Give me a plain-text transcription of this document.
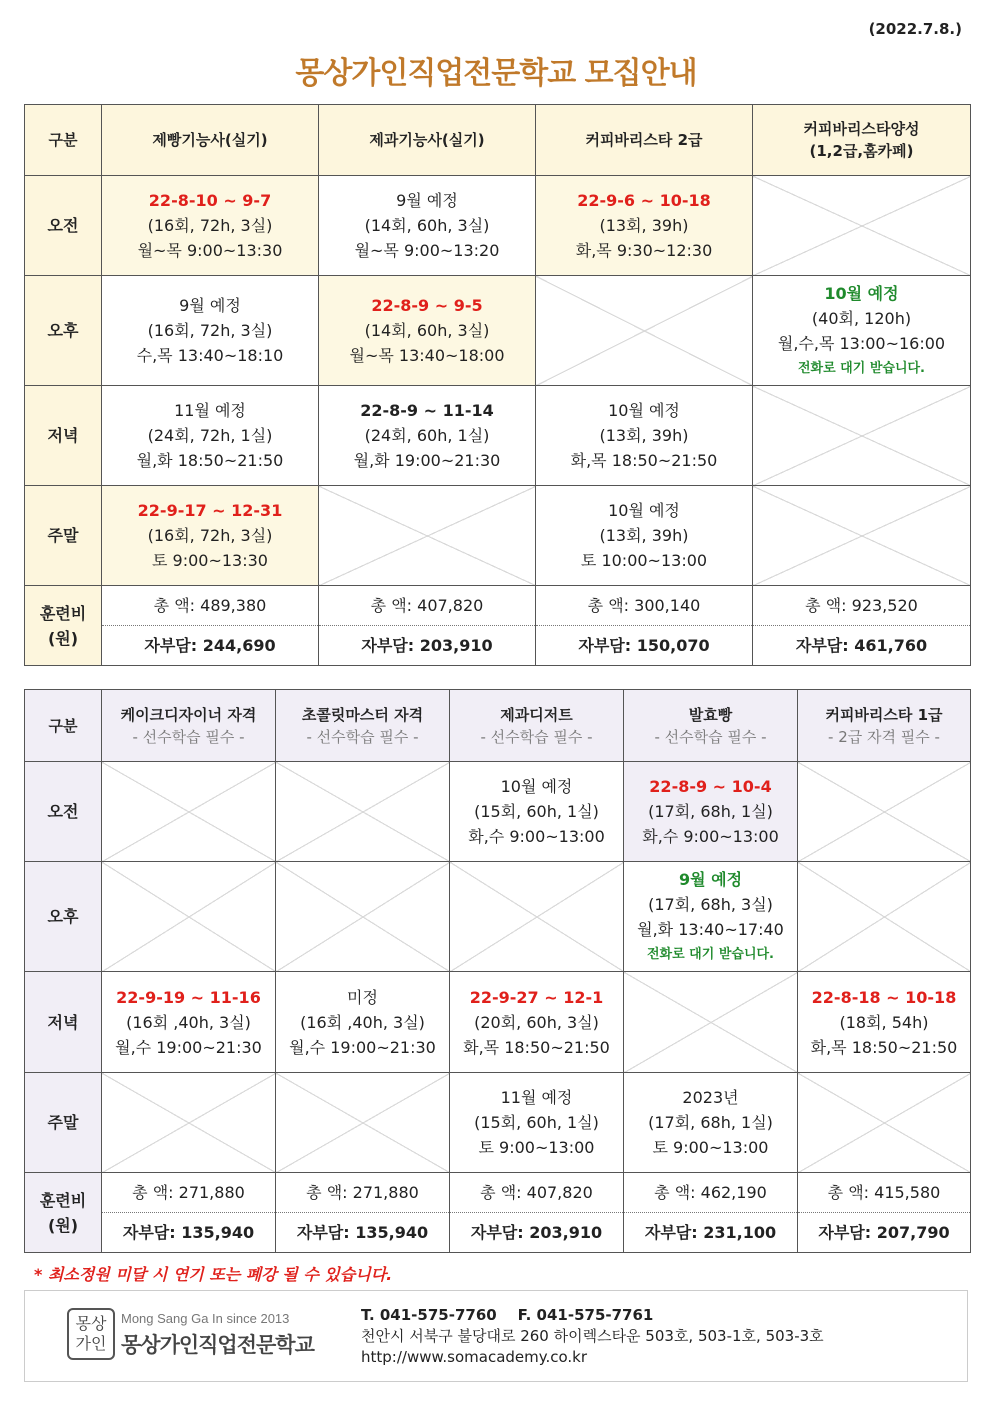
(2022.7.8.)
몽상가인직업전문학교 모집안내
구분	제빵기능사(실기)	제과기능사(실기)	커피바리스타 2급	커피바리스타양성
(1,2급,홈카페)

오전	22-8-10 ~ 9-7
(16회, 72h, 3실)
월~목 9:00~13:30	9월 예정
(14회, 60h, 3실)
월~목 9:00~13:20	22-9-6 ~ 10-18
(13회, 39h)
화,목 9:30~12:30	

오후	9월 예정
(16회, 72h, 3실)
수,목 13:40~18:10	22-8-9 ~ 9-5
(14회, 60h, 3실)
월~목 13:40~18:00		10월 예정
(40회, 120h)
월,수,목 13:00~16:00
전화로 대기 받습니다.

저녁	11월 예정
(24회, 72h, 1실)
월,화 18:50~21:50	22-8-9 ~ 11-14
(24회, 60h, 1실)
월,화 19:00~21:30	10월 예정
(13회, 39h)
화,목 18:50~21:50	

주말	22-9-17 ~ 12-31
(16회, 72h, 3실)
토 9:00~13:30		10월 예정
(13회, 39h)
토 10:00~13:00	

훈련비
(원)	총 액: 489,380	총 액: 407,820	총 액: 300,140	총 액: 923,520
	자부담: 244,690	자부담: 203,910	자부담: 150,070	자부담: 461,760
구분	케이크디자이너 자격
- 선수학습 필수 -	초콜릿마스터 자격
- 선수학습 필수 -	제과디저트
- 선수학습 필수 -	발효빵
- 선수학습 필수 -	커피바리스타 1급
- 2급 자격 필수 -

오전			10월 예정
(15회, 60h, 1실)
화,수 9:00~13:00	22-8-9 ~ 10-4
(17회, 68h, 1실)
화,수 9:00~13:00	

오후				9월 예정
(17회, 68h, 3실)
월,화 13:40~17:40
전화로 대기 받습니다.	

저녁	22-9-19 ~ 11-16
(16회 ,40h, 3실)
월,수 19:00~21:30	미정
(16회 ,40h, 3실)
월,수 19:00~21:30	22-9-27 ~ 12-1
(20회, 60h, 3실)
화,목 18:50~21:50		22-8-18 ~ 10-18
(18회, 54h)
화,목 18:50~21:50

주말			11월 예정
(15회, 60h, 1실)
토 9:00~13:00	2023년
(17회, 68h, 1실)
토 9:00~13:00	

훈련비
(원)	총 액: 271,880	총 액: 271,880	총 액: 407,820	총 액: 462,190	총 액: 415,580
	자부담: 135,940	자부담: 135,940	자부담: 203,910	자부담: 231,100	자부담: 207,790
* 최소정원 미달 시 연기 또는 폐강 될 수 있습니다.
몽상
가인
Mong Sang Ga In since 2013
몽상가인직업전문학교
T. 041-575-7760    F. 041-575-7761
천안시 서북구 불당대로 260 하이렉스타운 503호, 503-1호, 503-3호
http://www.somacademy.co.kr
